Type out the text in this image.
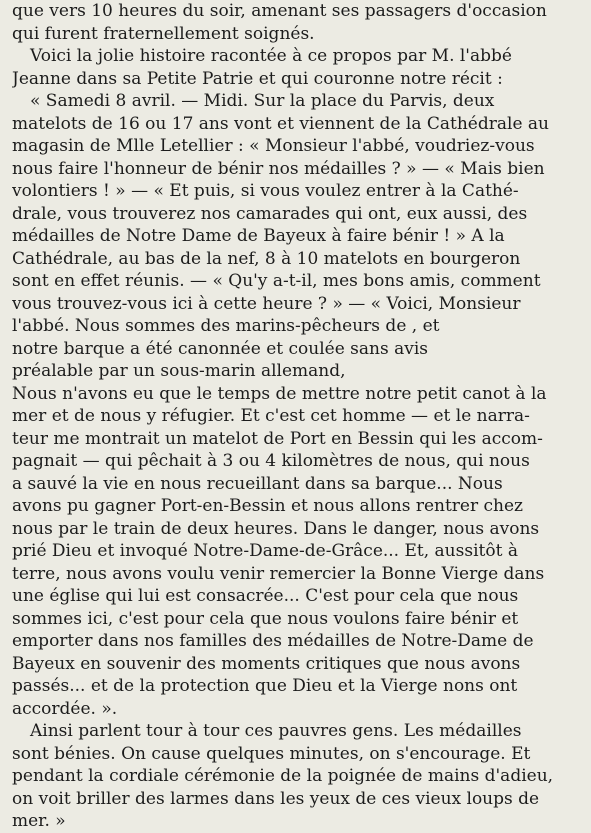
que vers 10 heures du soir, amenant ses passagers d'occasion
qui furent fraternellement soignés.
Voici la jolie histoire racontée à ce propos par M. l'abbé
Jeanne dans sa Petite Patrie et qui couronne notre récit :
« Samedi 8 avril. — Midi. Sur la place du Parvis, deux
matelots de 16 ou 17 ans vont et viennent de la Cathédrale au
magasin de Mlle Letellier : « Monsieur l'abbé, voudriez-vous
nous faire l'honneur de bénir nos médailles ? » — « Mais bien
volontiers ! » — « Et puis, si vous voulez entrer à la Cathé-
drale, vous trouverez nos camarades qui ont, eux aussi, des
médailles de Notre Dame de Bayeux à faire bénir ! » A la
Cathédrale, au bas de la nef, 8 à 10 matelots en bourgeron
sont en effet réunis. — « Qu'y a-t-il, mes bons amis, comment
vous trouvez-vous ici à cette heure ? » — « Voici, Monsieur
l'abbé. Nous sommes des marins-pêcheurs de , et
notre barque a été canonnée et coulée sans avis
préalable par un sous-marin allemand,
Nous n'avons eu que le temps de mettre notre petit canot à la
mer et de nous y réfugier. Et c'est cet homme — et le narra-
teur me montrait un matelot de Port en Bessin qui les accom-
pagnait — qui pêchait à 3 ou 4 kilomètres de nous, qui nous
a sauvé la vie en nous recueillant dans sa barque... Nous
avons pu gagner Port-en-Bessin et nous allons rentrer chez
nous par le train de deux heures. Dans le danger, nous avons
prié Dieu et invoqué Notre-Dame-de-Grâce... Et, aussitôt à
terre, nous avons voulu venir remercier la Bonne Vierge dans
une église qui lui est consacrée... C'est pour cela que nous
sommes ici, c'est pour cela que nous voulons faire bénir et
emporter dans nos familles des médailles de Notre-Dame de
Bayeux en souvenir des moments critiques que nous avons
passés... et de la protection que Dieu et la Vierge nons ont
accordée. ».
Ainsi parlent tour à tour ces pauvres gens. Les médailles
sont bénies. On cause quelques minutes, on s'encourage. Et
pendant la cordiale cérémonie de la poignée de mains d'adieu,
on voit briller des larmes dans les yeux de ces vieux loups de
mer. »
